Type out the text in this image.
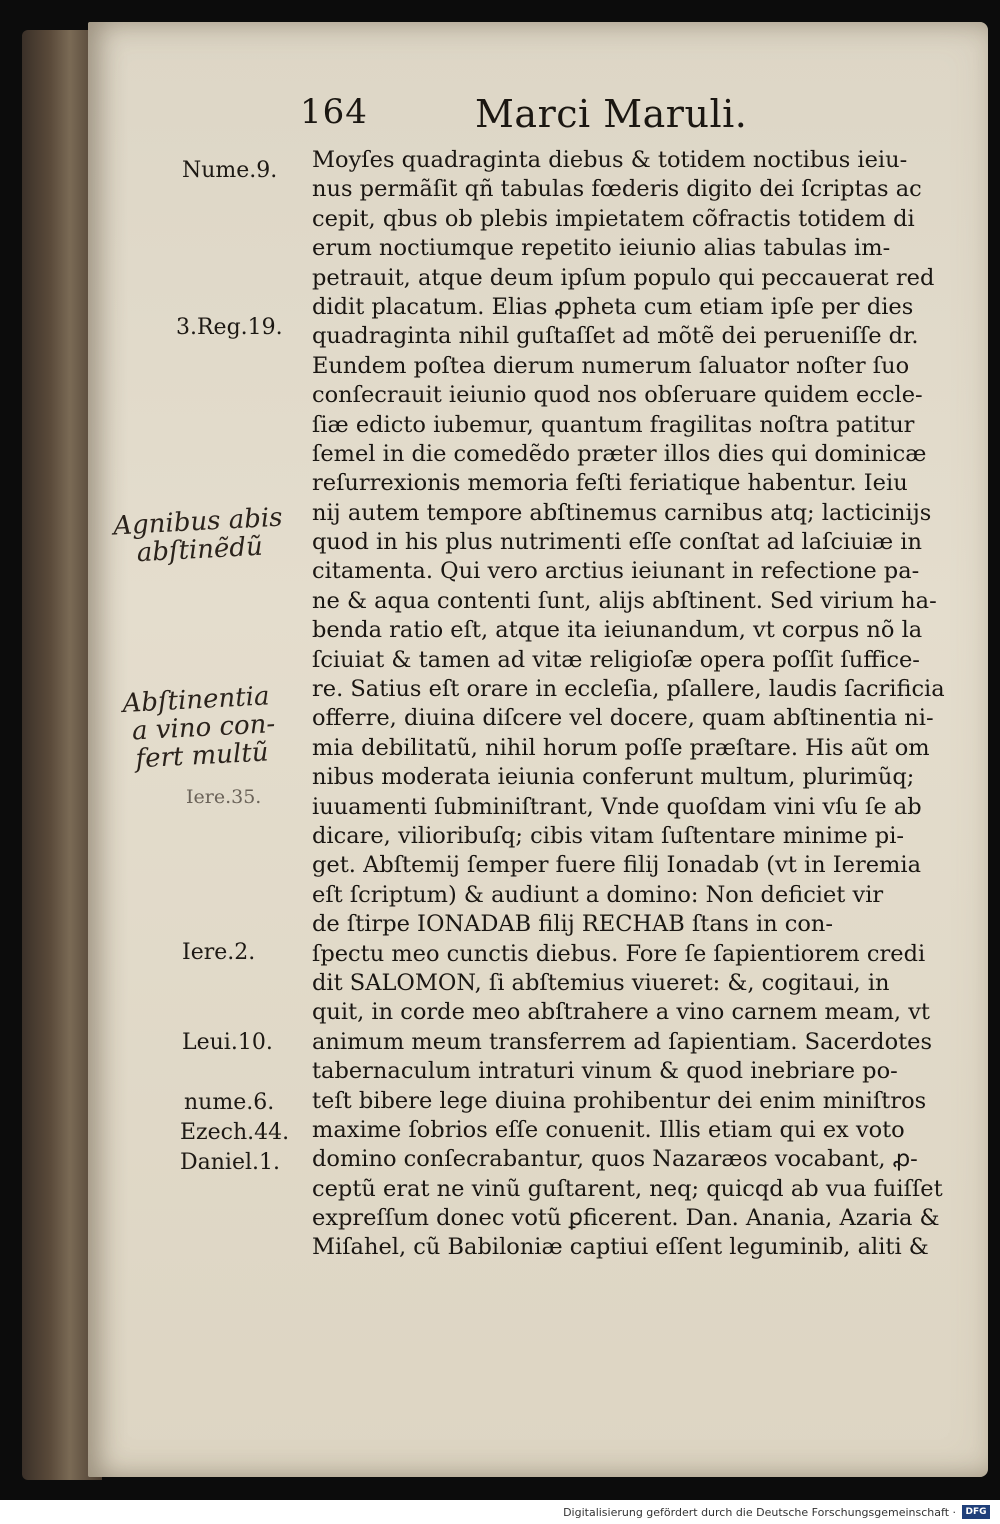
164	Marci Maruli.
Moyſes quadraginta diebus & totidem noctibus ieiu-
nus permãſit qñ tabulas fœderis digito dei ſcriptas ac
cepit, qbus ob plebis impietatem cõfractis totidem di
erum noctiumque repetito ieiunio alias tabulas im-
petrauit, atque deum ipſum populo qui peccauerat red
didit placatum. Elias ꝓpheta cum etiam ipſe per dies
quadraginta nihil guſtaſſet ad mõtẽ dei perueniſſe dr.
Eundem poſtea dierum numerum ſaluator noſter ſuo
conſecrauit ieiunio quod nos obſeruare quidem eccle-
ſiæ edicto iubemur, quantum fragilitas noſtra patitur
ſemel in die comedẽdo præter illos dies qui dominicæ
reſurrexionis memoria feſti feriatique habentur. Ieiu
nij autem tempore abſtinemus carnibus atq; lacticinijs
quod in his plus nutrimenti eſſe conſtat ad laſciuiæ in
citamenta. Qui vero arctius ieiunant in refectione pa-
ne & aqua contenti ſunt, alijs abſtinent. Sed virium ha-
benda ratio eſt, atque ita ieiunandum, vt corpus nõ la
ſciuiat & tamen ad vitæ religioſæ opera poſſit ſuffice-
re. Satius eſt orare in eccleſia, pſallere, laudis ſacrificia
offerre, diuina diſcere vel docere, quam abſtinentia ni-
mia debilitatũ, nihil horum poſſe præſtare. His aũt om
nibus moderata ieiunia conferunt multum, plurimũq;
iuuamenti ſubminiſtrant, Vnde quoſdam vini vſu ſe ab
dicare, vilioribuſq; cibis vitam ſuſtentare minime pi-
get. Abſtemij ſemper fuere filij Ionadab (vt in Ieremia
eſt ſcriptum) & audiunt a domino: Non deficiet vir
de ſtirpe IONADAB filij RECHAB ſtans in con-
ſpectu meo cunctis diebus. Fore ſe ſapientiorem credi
dit SALOMON, ſi abſtemius viueret: &, cogitaui, in
quit, in corde meo abſtrahere a vino carnem meam, vt
animum meum transferrem ad ſapientiam. Sacerdotes
tabernaculum intraturi vinum & quod inebriare po-
teſt bibere lege diuina prohibentur dei enim miniſtros
maxime ſobrios eſſe conuenit. Illis etiam qui ex voto
domino conſecrabantur, quos Nazaræos vocabant, ꝓ-
ceptũ erat ne vinũ guſtarent, neq; quicqd ab vua fuiſſet
expreſſum donec votũ ꝑficerent. Dan. Anania, Azaria &
Miſahel, cũ Babiloniæ captiui eſſent leguminib, aliti &
Nume.9.
3.Reg.19.
Iere.35.
Iere.2.
Leui.10.
nume.6.
Ezech.44.
Daniel.1.
Agnibus abis
abſtinẽdũ
Abſtinentia
a vino con-
fert multũ
Digitalisierung gefördert durch die Deutsche Forschungsgemeinschaft ·	DFG
